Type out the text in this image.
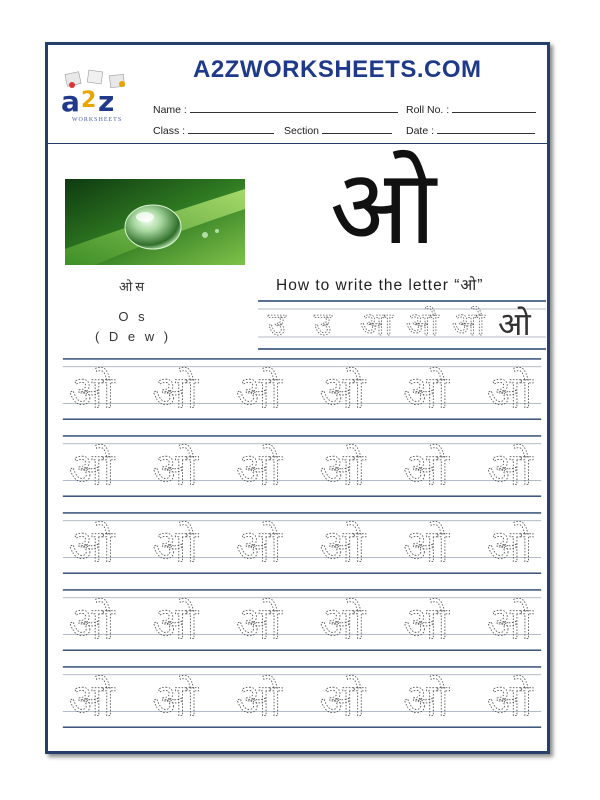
A2ZWORKSHEETS.COM
a 2 z
WORKSHEETS
Name :	Roll No. :
Class :	Section	Date :
ओस
O s
( D e w )
ओ
How to write the letter “ओ”
उ उ आ ओ ओ ओ
ओ ओ ओ ओ ओ ओ
ओ ओ ओ ओ ओ ओ
ओ ओ ओ ओ ओ ओ
ओ ओ ओ ओ ओ ओ
ओ ओ ओ ओ ओ ओ
